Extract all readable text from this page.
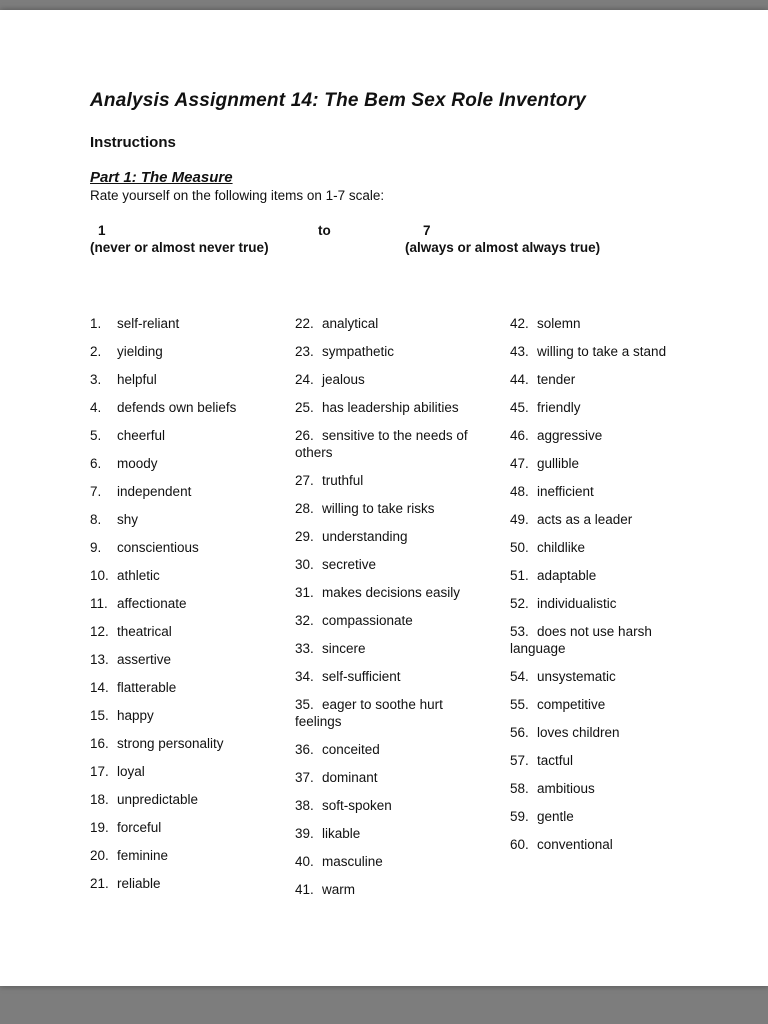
Analysis Assignment 14: The Bem Sex Role Inventory
Instructions
Part 1: The Measure
Rate yourself on the following items on 1-7 scale:
1	to	7
(never or almost never true)	(always or almost always true)
1. self-reliant
2. yielding
3. helpful
4. defends own beliefs
5. cheerful
6. moody
7. independent
8. shy
9. conscientious
10. athletic
11. affectionate
12. theatrical
13. assertive
14. flatterable
15. happy
16. strong personality
17. loyal
18. unpredictable
19. forceful
20. feminine
21. reliable
22. analytical
23. sympathetic
24. jealous
25. has leadership abilities
26. sensitive to the needs of others
27. truthful
28. willing to take risks
29. understanding
30. secretive
31. makes decisions easily
32. compassionate
33. sincere
34. self-sufficient
35. eager to soothe hurt feelings
36. conceited
37. dominant
38. soft-spoken
39. likable
40. masculine
41. warm
42. solemn
43. willing to take a stand
44. tender
45. friendly
46. aggressive
47. gullible
48. inefficient
49. acts as a leader
50. childlike
51. adaptable
52. individualistic
53. does not use harsh language
54. unsystematic
55. competitive
56. loves children
57. tactful
58. ambitious
59. gentle
60. conventional
